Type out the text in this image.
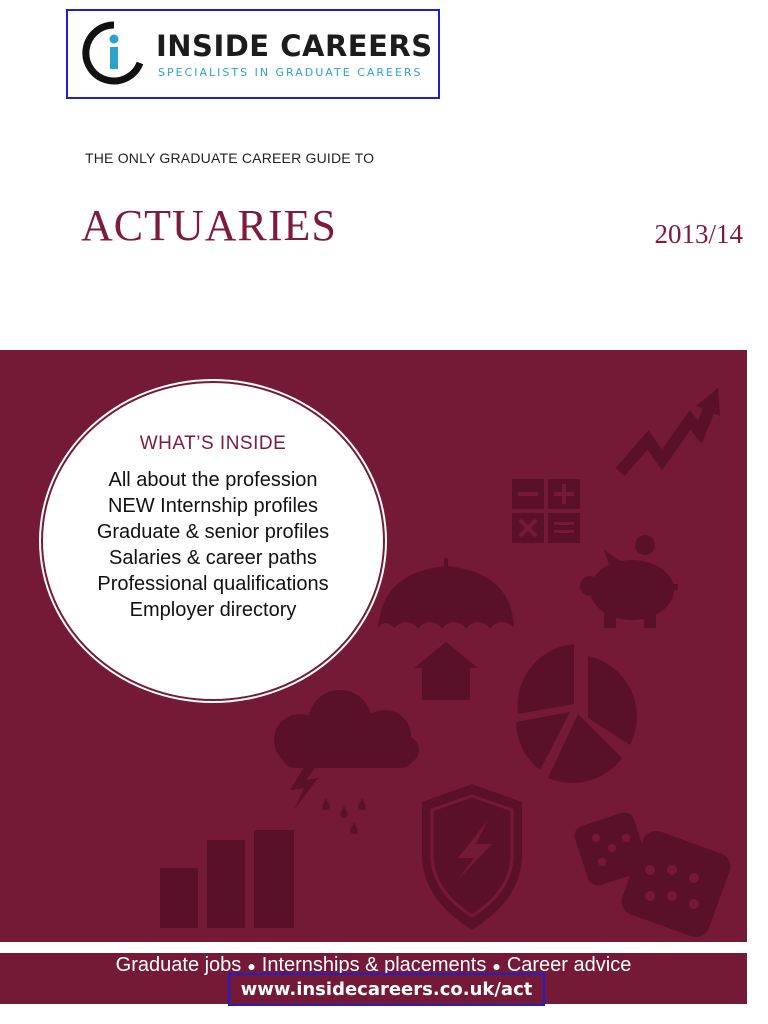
INSIDE CAREERS
SPECIALISTS IN GRADUATE CAREERS
THE ONLY GRADUATE CAREER GUIDE TO
ACTUARIES	2013/14
WHAT’S INSIDE
All about the profession
NEW Internship profiles
Graduate & senior profiles
Salaries & career paths
Professional qualifications
Employer directory
Graduate jobs ● Internships & placements ● Career advice
www.insidecareers.co.uk/act
